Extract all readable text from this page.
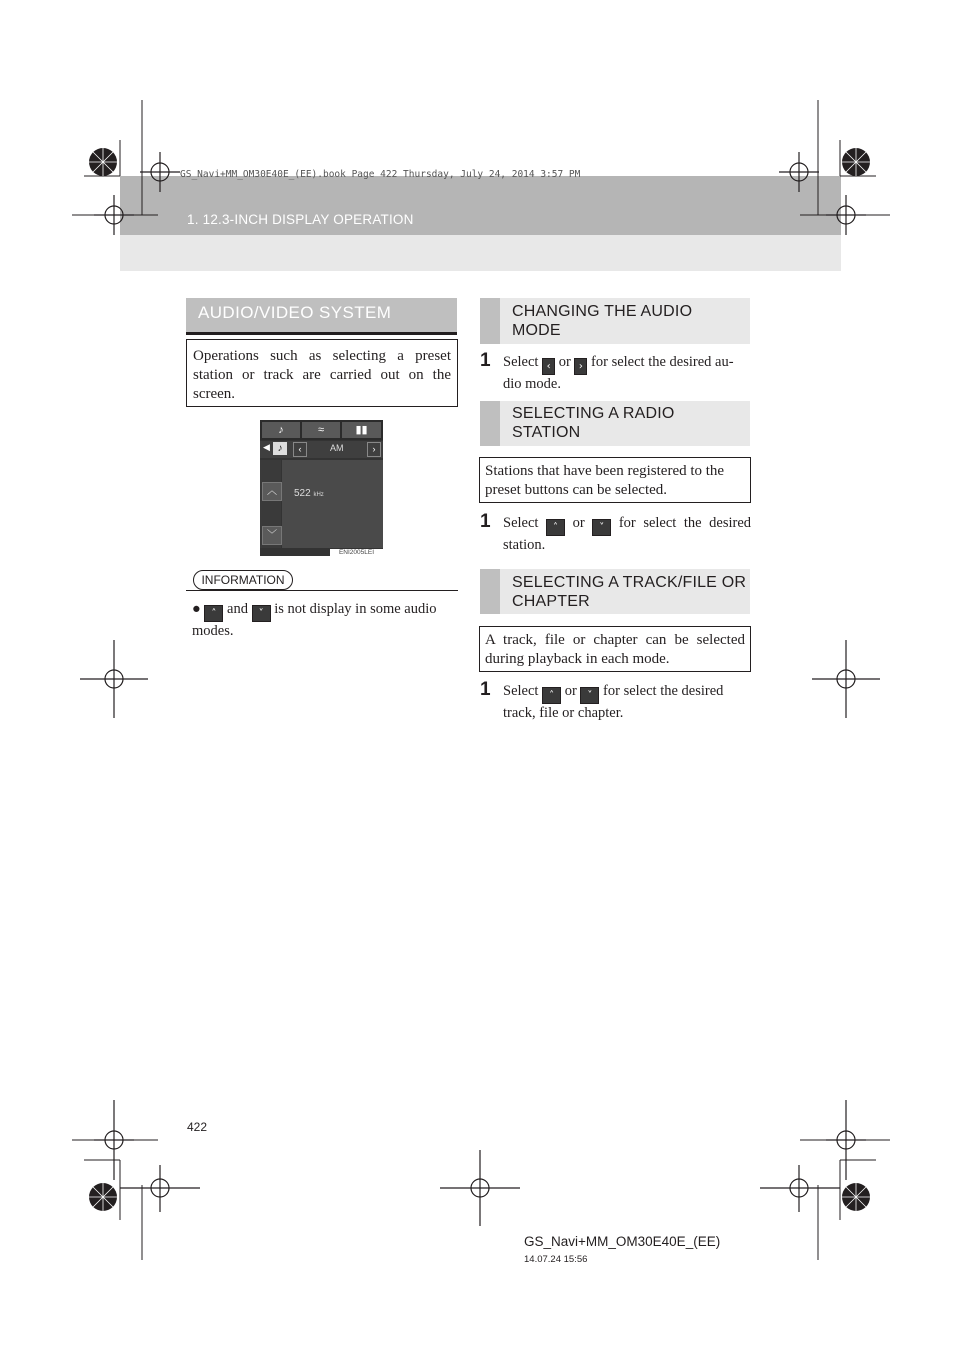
1. 12.3-INCH DISPLAY OPERATION
GS_Navi+MM_OM30E40E_(EE).book Page 422 Thursday, July 24, 2014 3:57 PM
AUDIO/VIDEO SYSTEM
Operations such as selecting a preset station or track are carried out on the screen.
♪	≈	▮▮
◀ ♪	‹	AM	›
︿
﹀
522 kHz
ENI2005LEI
INFORMATION
● ˄ and ˅ is not display in some audio modes.
CHANGING THE AUDIO MODE
1 Select ‹ or › for select the desired au-dio mode.
SELECTING A RADIO STATION
Stations that have been registered to the preset buttons can be selected.
1 Select ˄ or ˅ for select the desired station.
SELECTING A TRACK/FILE OR CHAPTER
A track, file or chapter can be selected during playback in each mode.
1 Select ˄ or ˅ for select the desired track, file or chapter.
422
GS_Navi+MM_OM30E40E_(EE)
14.07.24 15:56
